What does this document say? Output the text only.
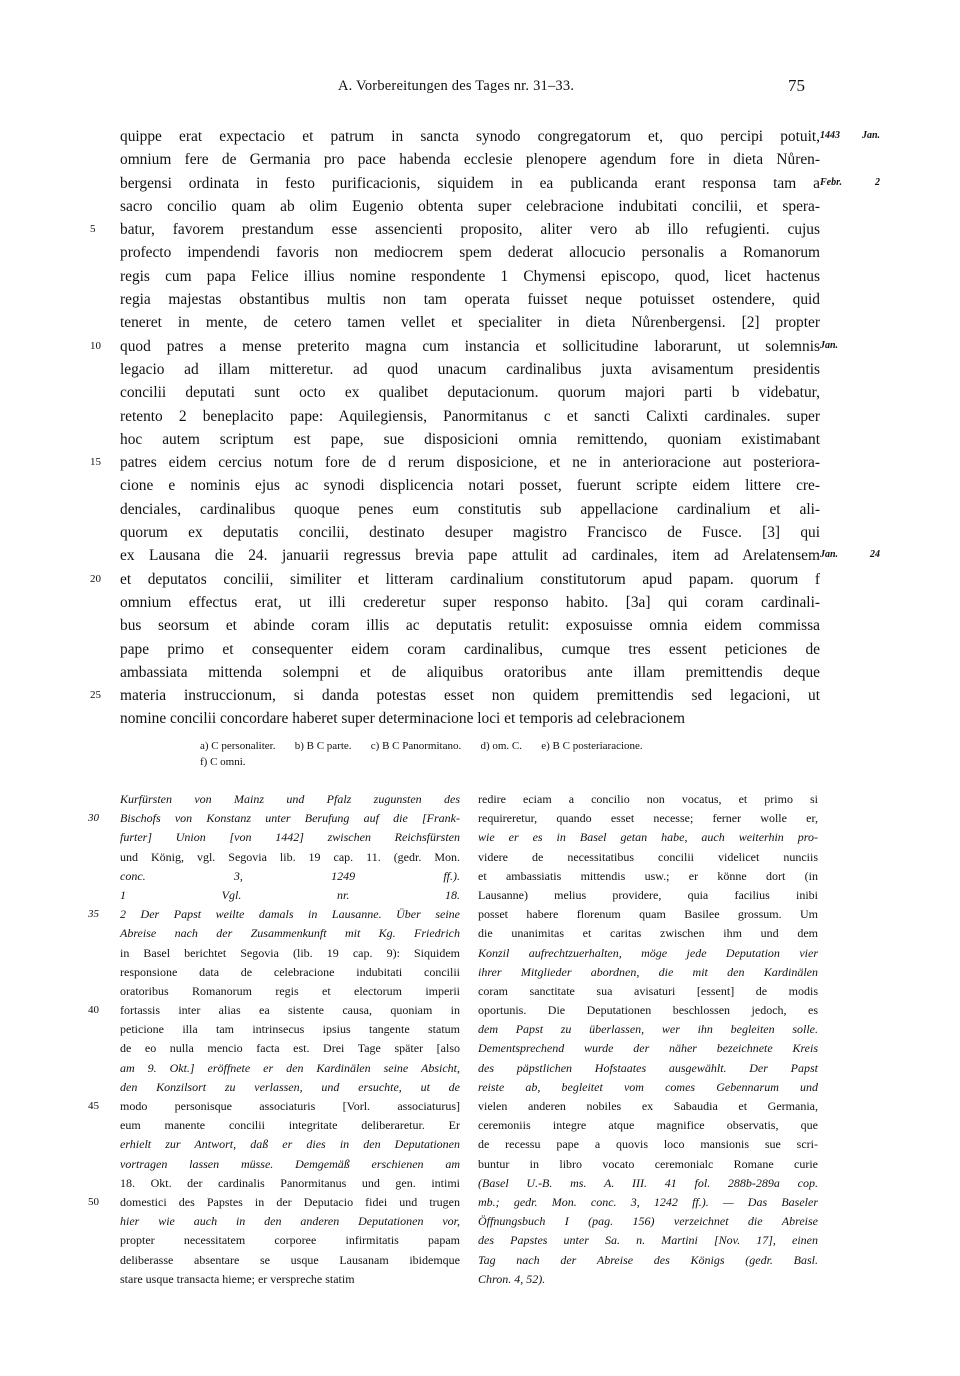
A. Vorbereitungen des Tages nr. 31–33.	75
quippe erat expectacio et patrum in sancta synodo congregatorum et, quo percipi potuit, 1443 Jan.
omnium fere de Germania pro pace habenda ecclesie plenopere agendum fore in dieta Nůren-
bergensi ordinata in festo purificacionis, siquidem in ea publicanda erant responsa tam a Febr. 2
sacro concilio quam ab olim Eugenio obtenta super celebracione indubitati concilii, et spera-
batur, favorem prestandum esse assencienti proposito, aliter vero ab illo refugienti. cujus
5
profecto impendendi favoris non mediocrem spem dederat allocucio personalis a Romanorum
regis cum papa Felice illius nomine respondente 1 Chymensi episcopo, quod, licet hactenus
regia majestas obstantibus multis non tam operata fuisset neque potuisset ostendere, quid
teneret in mente, de cetero tamen vellet et specialiter in dieta Nůrenbergensi. [2] propter
quod patres a mense preterito magna cum instancia et sollicitudine laborarunt, ut solemnis
10	Jan.
legacio ad illam mitteretur. ad quod unacum cardinalibus juxta avisamentum presidentis
concilii deputati sunt octo ex qualibet deputacionum. quorum majori parti b videbatur,
retento 2 beneplacito pape: Aquilegiensis, Panormitanus c et sancti Calixti cardinales. super
hoc autem scriptum est pape, sue disposicioni omnia remittendo, quoniam existimabant
patres eidem cercius notum fore de d rerum disposicione, et ne in anterioracione aut posteriora-
15
cione e nominis ejus ac synodi displicencia notari posset, fuerunt scripte eidem littere cre-
denciales, cardinalibus quoque penes eum constitutis sub appellacione cardinalium et ali-
quorum ex deputatis concilii, destinato desuper magistro Francisco de Fusce. [3] qui
ex Lausana die 24. januarii regressus brevia pape attulit ad cardinales, item ad Arelatensem Jan. 24
et deputatos concilii, similiter et litteram cardinalium constitutorum apud papam. quorum f
20
omnium effectus erat, ut illi crederetur super responso habito. [3a] qui coram cardinali-
bus seorsum et abinde coram illis ac deputatis retulit: exposuisse omnia eidem commissa
pape primo et consequenter eidem coram cardinalibus, cumque tres essent peticiones de
ambassiata mittenda solempni et de aliquibus oratoribus ante illam premittendis deque
materia instruccionum, si danda potestas esset non quidem premittendis sed legacioni, ut
25
nomine concilii concordare haberet super determinacione loci et temporis ad celebracionem
a) C personaliter.       b) B C parte.       c) B C Panormitano.       d) om. C.       e) B C posteriaracione.
f) C omni.
Kurfürsten von Mainz und Pfalz zugunsten des
Bischofs von Konstanz unter Berufung auf die [Frank-
30
furter] Union [von 1442] zwischen Reichsfürsten
und König, vgl. Segovia lib. 19 cap. 11. (gedr. Mon.
conc. 3, 1249 ff.).
1 Vgl. nr. 18.
2 Der Papst weilte damals in Lausanne. Über seine
35
Abreise nach der Zusammenkunft mit Kg. Friedrich
in Basel berichtet Segovia (lib. 19 cap. 9): Siquidem
responsione data de celebracione indubitati concilii
oratoribus Romanorum regis et electorum imperii
fortassis inter alias ea sistente causa, quoniam in
40
peticione illa tam intrinsecus ipsius tangente statum
de eo nulla mencio facta est. Drei Tage später [also
am 9. Okt.] eröffnete er den Kardinälen seine Absicht,
den Konzilsort zu verlassen, und ersuchte, ut de
modo personisque associaturis [Vorl. associaturus]
45
eum manente concilii integritate deliberaretur. Er
erhielt zur Antwort, daß er dies in den Deputationen
vortragen lassen müsse. Demgemäß erschienen am
18. Okt. der cardinalis Panormitanus und gen. intimi
domestici des Papstes in der Deputacio fidei und trugen
50
hier wie auch in den anderen Deputationen vor,
propter necessitatem corporee infirmitatis papam
deliberasse absentare se usque Lausanam ibidemque
stare usque transacta hieme; er verspreche statim
redire eciam a concilio non vocatus, et primo si
requireretur, quando esset necesse; ferner wolle er,
wie er es in Basel getan habe, auch weiterhin pro-
videre de necessitatibus concilii videlicet nunciis
et ambassiatis mittendis usw.; er könne dort (in
Lausanne) melius providere, quia facilius inibi
posset habere florenum quam Basilee grossum. Um
die unanimitas et caritas zwischen ihm und dem
Konzil aufrechtzuerhalten, möge jede Deputation vier
ihrer Mitglieder abordnen, die mit den Kardinälen
coram sanctitate sua avisaturi [essent] de modis
oportunis. Die Deputationen beschlossen jedoch, es
dem Papst zu überlassen, wer ihn begleiten solle.
Dementsprechend wurde der näher bezeichnete Kreis
des päpstlichen Hofstaates ausgewählt. Der Papst
reiste ab, begleitet vom comes Gebennarum und
vielen anderen nobiles ex Sabaudia et Germania,
ceremoniis integre atque magnifice observatis, que
de recessu pape a quovis loco mansionis sue scri-
buntur in libro vocato ceremonialc Romane curie
(Basel U.-B. ms. A. III. 41 fol. 288b-289a cop.
mb.; gedr. Mon. conc. 3, 1242 ff.). — Das Baseler
Öffnungsbuch I (pag. 156) verzeichnet die Abreise
des Papstes unter Sa. n. Martini [Nov. 17], einen
Tag nach der Abreise des Königs (gedr. Basl.
Chron. 4, 52).
